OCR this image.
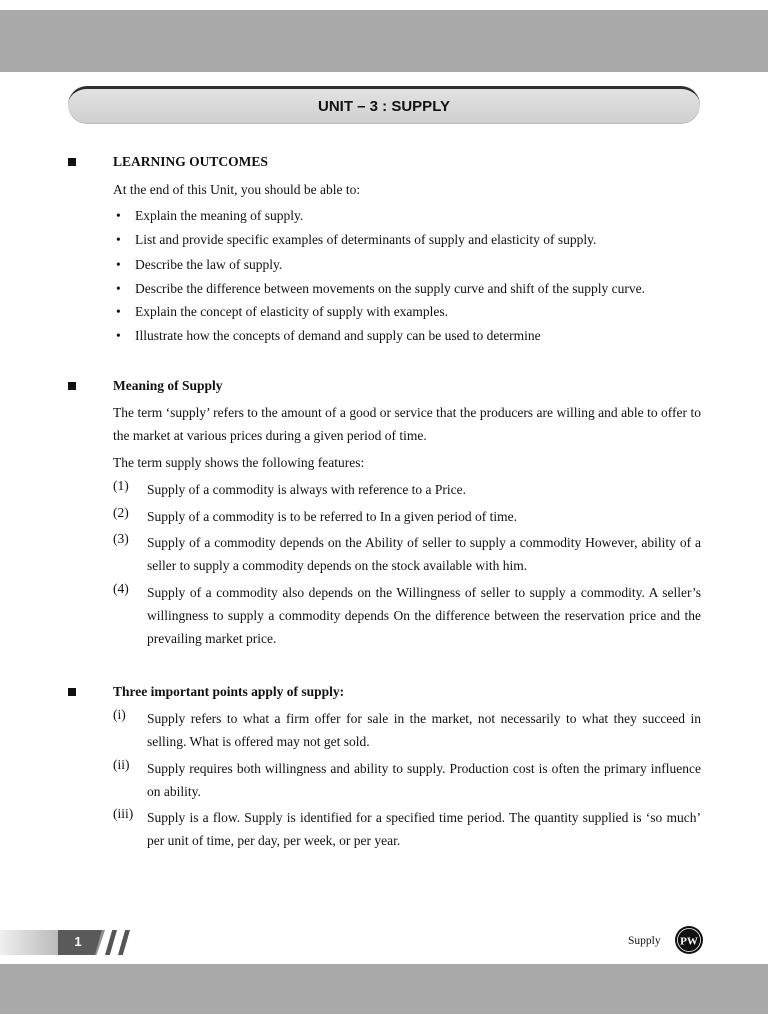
UNIT – 3 : SUPPLY
LEARNING OUTCOMES
At the end of this Unit, you should be able to:
• Explain the meaning of supply.
• List and provide specific examples of determinants of supply and elasticity of supply.
• Describe the law of supply.
• Describe the difference between movements on the supply curve and shift of the supply curve.
• Explain the concept of elasticity of supply with examples.
• Illustrate how the concepts of demand and supply can be used to determine
Meaning of Supply
The term ‘supply’ refers to the amount of a good or service that the producers are willing and able to offer to the market at various prices during a given period of time.
The term supply shows the following features:
(1) Supply of a commodity is always with reference to a Price.
(2) Supply of a commodity is to be referred to In a given period of time.
(3) Supply of a commodity depends on the Ability of seller to supply a commodity However, ability of a seller to supply a commodity depends on the stock available with him.
(4) Supply of a commodity also depends on the Willingness of seller to supply a commodity. A seller’s willingness to supply a commodity depends On the difference between the reservation price and the prevailing market price.
Three important points apply of supply:
(i) Supply refers to what a firm offer for sale in the market, not necessarily to what they succeed in selling. What is offered may not get sold.
(ii) Supply requires both willingness and ability to supply. Production cost is often the primary influence on ability.
(iii) Supply is a flow. Supply is identified for a specified time period. The quantity supplied is ‘so much’ per unit of time, per day, per week, or per year.
1	Supply PW
